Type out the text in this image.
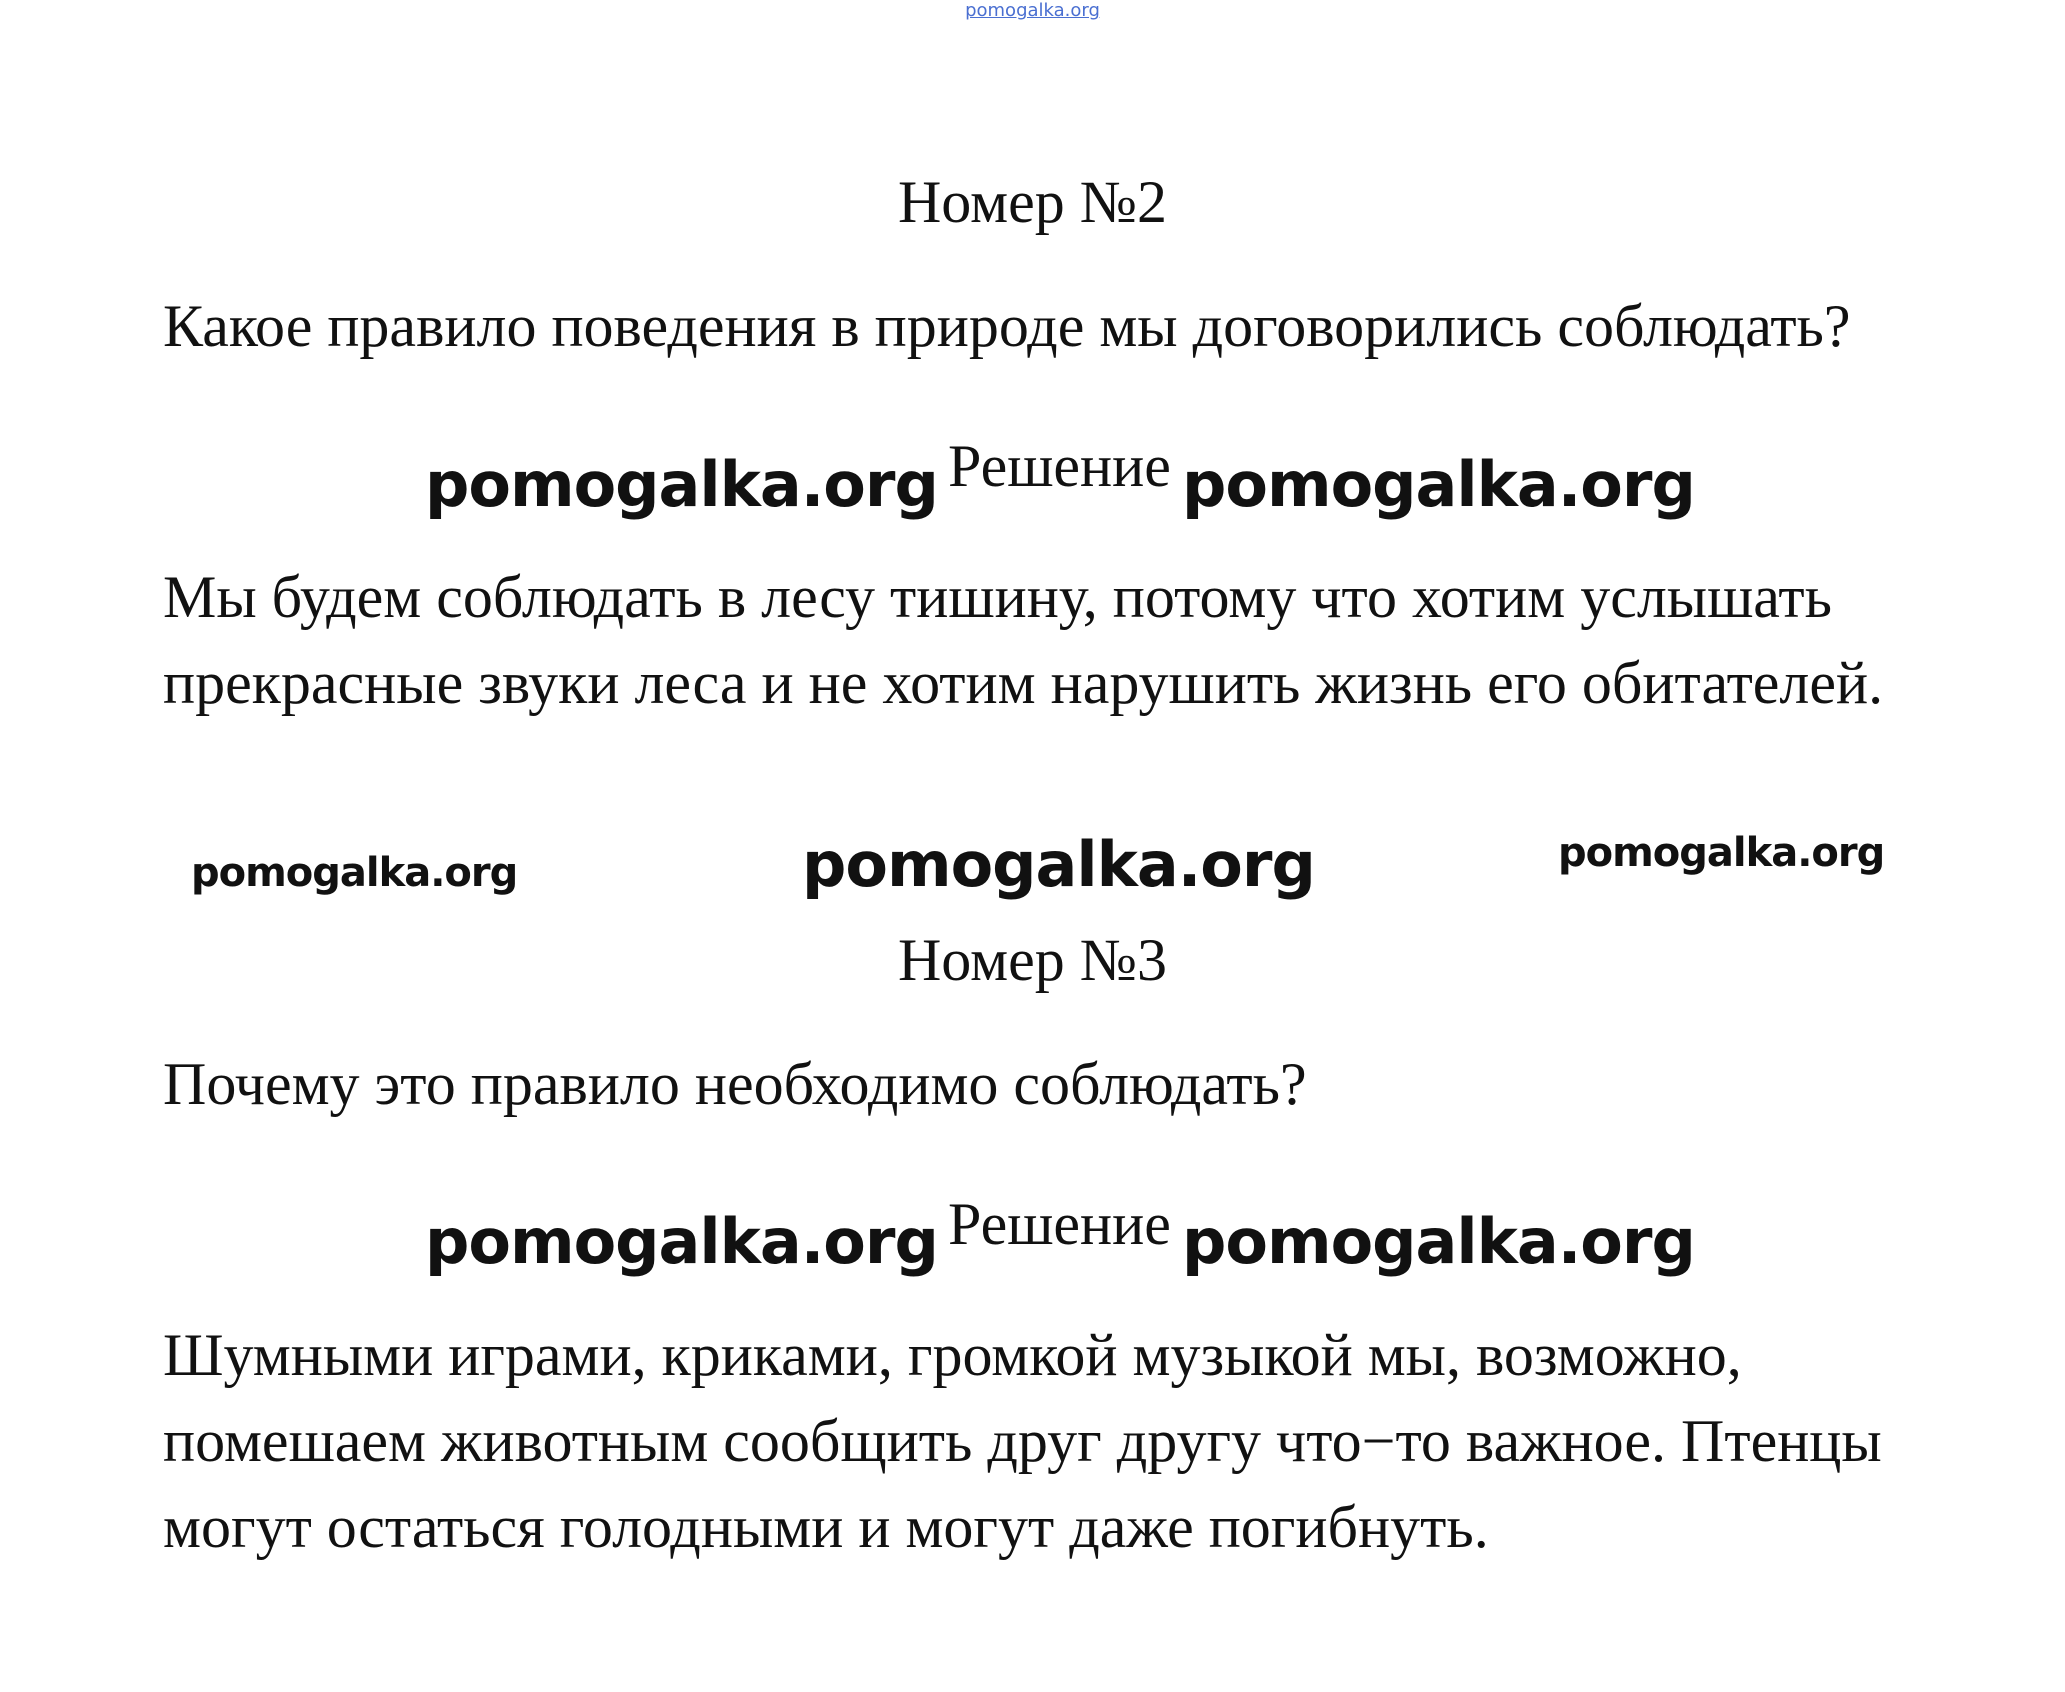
pomogalka.org
Номер №2
Какое правило поведения в природе мы договорились соблюдать?
pomogalka.org Решение pomogalka.org
Мы будем соблюдать в лесу тишину, потому что хотим услышать
прекрасные звуки леса и не хотим нарушить жизнь его обитателей.
pomogalka.org	pomogalka.org	pomogalka.org
Номер №3
Почему это правило необходимо соблюдать?
pomogalka.org Решение pomogalka.org
Шумными играми, криками, громкой музыкой мы, возможно,
помешаем животным сообщить друг другу что−то важное. Птенцы
могут остаться голодными и могут даже погибнуть.
